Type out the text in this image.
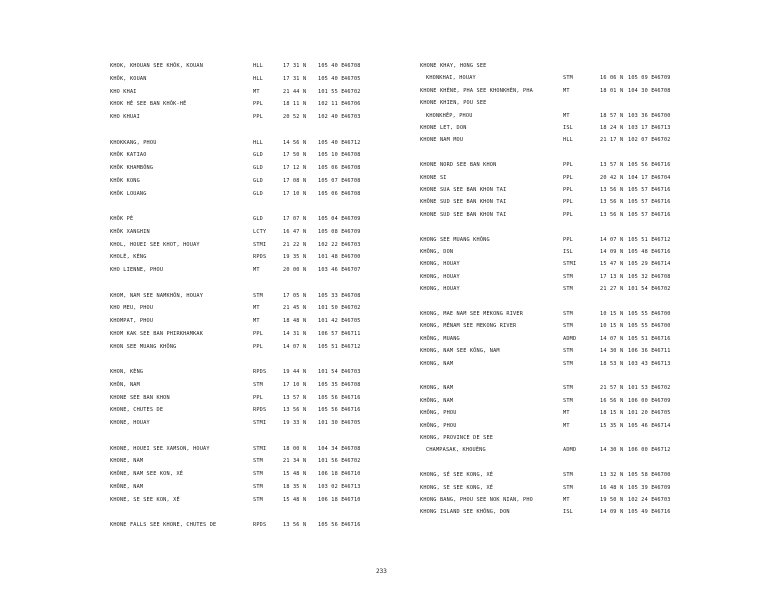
KHOK, KHOUAN SEE KHÔK, KOUAN	HLL	17 31 N 105 40 E 46708
KHÔK, KOUAN	HLL	17 31 N 105 40 E 46705
KHO KHAI	MT	21 44 N 101 55 E 46702
KHOK HÊ SEE BAN KHÔK-HÊ	PPL	18 11 N 102 11 E 46706
KHO KHUAI	PPL	20 52 N 102 40 E 46703
KHOKKANG, PHOU	HLL	14 56 N 105 40 E 46712
KHÔK KATIAO	GLD	17 50 N 105 10 E 46708
KHÔK KHAMBÔNG	GLD	17 12 N 105 06 E 46708
KHÔK KONG	GLD	17 08 N 105 07 E 46708
KHÔK LOUANG	GLD	17 10 N 105 06 E 46708
KHÔK PÈ	GLD	17 07 N 105 04 E 46709
KHÔK XANGHIN	LCTY	16 47 N 105 08 E 46709
KHOL, HOUEI SEE KHOT, HOUAY	STMI	21 22 N 102 22 E 46703
KHOLÉ, KÈNG	RPDS	19 35 N 101 48 E 46700
KHO LIENNE, PHOU	MT	20 00 N 103 46 E 46707
KHOM, NAM SEE NAMKHÔN, HOUAY	STM	17 05 N 105 33 E 46708
KHO MEU, PHOU	MT	21 45 N 101 50 E 46702
KHOMPAT, PHOU	MT	18 48 N 101 42 E 46705
KHOM KAK SEE BAN PHIRKHAMKAK	PPL	14 31 N 106 57 E 46711
KHON SEE MUANG KHÔNG	PPL	14 07 N 105 51 E 46712
KHON, KÈNG	RPDS	19 44 N 101 54 E 46703
KHÔN, NAM	STM	17 10 N 105 35 E 46708
KHONE SEE BAN KHON	PPL	13 57 N 105 56 E 46716
KHONE, CHUTES DE	RPDS	13 56 N 105 56 E 46716
KHONE, HOUAY	STMI	19 33 N 101 30 E 46705
KHONE, HOUEI SEE XAMSON, HOUAY	STMI	18 00 N 104 34 E 46708
KHONE, NAM	STM	21 34 N 101 56 E 46702
KHÔNE, NAM SEE KON, XÉ	STM	15 48 N 106 18 E 46710
KHÔNE, NAM	STM	18 35 N 103 02 E 46713
KHONE, SE SEE KON, XÉ	STM	15 48 N 106 18 E 46710
KHONE FALLS SEE KHONE, CHUTES DE	RPDS	13 56 N 105 56 E 46716
KHONE KHAY, HONG SEE
KHONKHAI, HOUAY	STM	16 06 N 105 09 E 46709
KHONE KHÈNE, PHA SEE KHONKHÈN, PHA	MT	18 01 N 104 30 E 46708
KHONE KHIEN, POU SEE
KHONKHÊP, PHOU	MT	18 57 N 103 36 E 46700
KHONE LET, DON	ISL	18 24 N 103 17 E 46713
KHONE NAM MOU	HLL	21 17 N 102 07 E 46702
KHONE NORD SEE BAN KHON	PPL	13 57 N 105 56 E 46716
KHONE SI	PPL	20 42 N 104 17 E 46704
KHONE SUA SEE BAN KHON TAI	PPL	13 56 N 105 57 E 46716
KHÔNE SUD SEE BAN KHON TAI	PPL	13 56 N 105 57 E 46716
KHONE SUD SEE BAN KHON TAI	PPL	13 56 N 105 57 E 46716
KHONG SEE MUANG KHÔNG	PPL	14 07 N 105 51 E 46712
KHÔNG, DON	ISL	14 09 N 105 48 E 46716
KHONG, HOUAY	STMI	15 47 N 105 29 E 46714
KHONG, HOUAY	STM	17 13 N 105 32 E 46708
KHONG, HOUAY	STM	21 27 N 101 54 E 46702
KHONG, MAE NAM SEE MEKONG RIVER	STM	10 15 N 105 55 E 46700
KHONG, MÉNAM SEE MEKONG RIVER	STM	10 15 N 105 55 E 46700
KHÔNG, MUANG	ADMD	14 07 N 105 51 E 46716
KHONG, NAM SEE KÔNG, NAM	STM	14 30 N 106 36 E 46711
KHONG, NAM	STM	18 53 N 103 43 E 46713
KHONG, NAM	STM	21 57 N 101 53 E 46702
KHÔNG, NAM	STM	16 56 N 106 00 E 46709
KHÔNG, PHOU	MT	18 15 N 101 20 E 46705
KHÔNG, PHOU	MT	15 35 N 105 46 E 46714
KHONG, PROVINCE DE SEE
CHAMPASAK, KHOUÈNG	ADMD	14 30 N 106 00 E 46712
KHONG, SÉ SEE KONG, XÉ	STM	13 32 N 105 58 E 46700
KHONG, SE SEE KONG, XÉ	STM	16 48 N 105 39 E 46709
KHONG BANG, PHOU SEE NOK NIAN, PHO	MT	19 50 N 102 24 E 46703
KHONG ISLAND SEE KHÔNG, DON	ISL	14 09 N 105 49 E 46716
233
